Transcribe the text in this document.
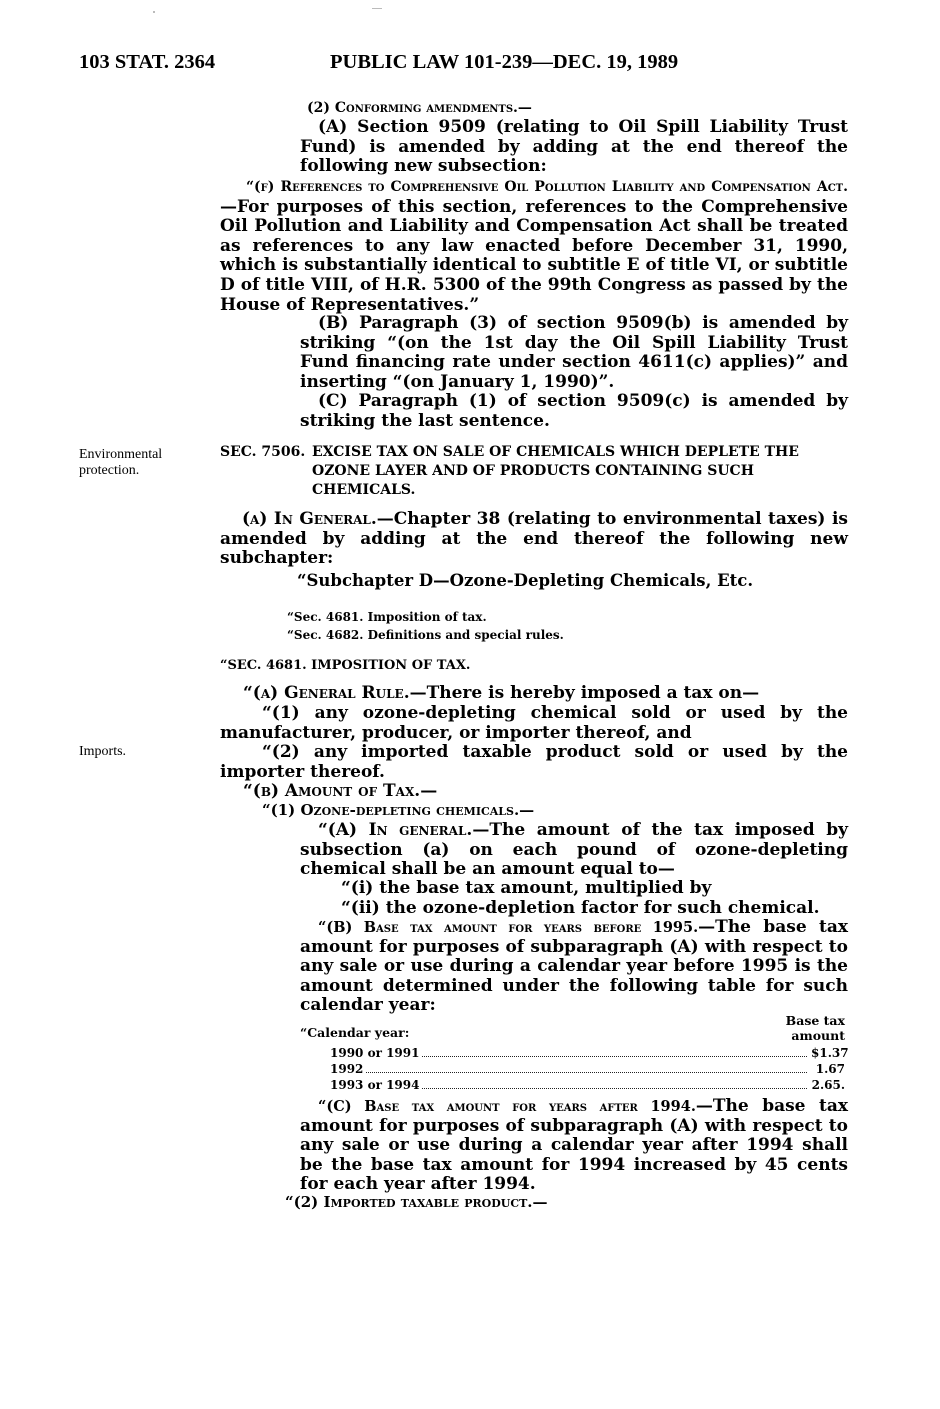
103 STAT. 2364	PUBLIC LAW 101-239—DEC. 19, 1989
Environmental protection.
Imports.
(2) Conforming amendments.—
(A) Section 9509 (relating to Oil Spill Liability Trust Fund) is amended by adding at the end thereof the following new subsection:
“(f) References to Comprehensive Oil Pollution Liability and Compensation Act.—For purposes of this section, references to the Comprehensive Oil Pollution and Liability and Compensation Act shall be treated as references to any law enacted before December 31, 1990, which is substantially identical to subtitle E of title VI, or subtitle D of title VIII, of H.R. 5300 of the 99th Congress as passed by the House of Representatives.”
(B) Paragraph (3) of section 9509(b) is amended by striking “(on the 1st day the Oil Spill Liability Trust Fund financing rate under section 4611(c) applies)” and inserting “(on January 1, 1990)”.
(C) Paragraph (1) of section 9509(c) is amended by striking the last sentence.
SEC. 7506. EXCISE TAX ON SALE OF CHEMICALS WHICH DEPLETE THE OZONE LAYER AND OF PRODUCTS CONTAINING SUCH CHEMICALS.
(a) In General.—Chapter 38 (relating to environmental taxes) is amended by adding at the end thereof the following new subchapter:
“Subchapter D—Ozone-Depleting Chemicals, Etc.
“Sec. 4681. Imposition of tax.
“Sec. 4682. Definitions and special rules.
“SEC. 4681. IMPOSITION OF TAX.
“(a) General Rule.—There is hereby imposed a tax on—
“(1) any ozone-depleting chemical sold or used by the manufacturer, producer, or importer thereof, and
“(2) any imported taxable product sold or used by the importer thereof.
“(b) Amount of Tax.—
“(1) Ozone-depleting chemicals.—
“(A) In general.—The amount of the tax imposed by subsection (a) on each pound of ozone-depleting chemical shall be an amount equal to—
“(i) the base tax amount, multiplied by
“(ii) the ozone-depletion factor for such chemical.
“(B) Base tax amount for years before 1995.—The base tax amount for purposes of subparagraph (A) with respect to any sale or use during a calendar year before 1995 is the amount determined under the following table for such calendar year:
“Calendar year:
Base tax
amount
1990 or 1991	$1.37
1992	1.67
1993 or 1994	2.65.
“(C) Base tax amount for years after 1994.—The base tax amount for purposes of subparagraph (A) with respect to any sale or use during a calendar year after 1994 shall be the base tax amount for 1994 increased by 45 cents for each year after 1994.
“(2) Imported taxable product.—
